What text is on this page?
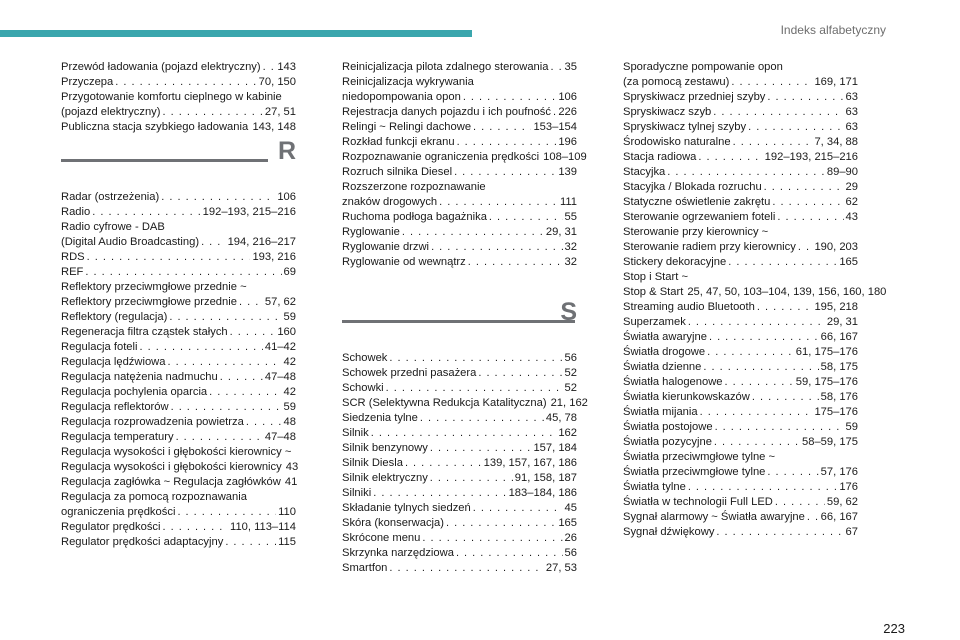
Indeks alfabetyczny
Przewód ładowania (pojazd elektryczny) . . . 143
Przyczepa . . .	70, 150
Przygotowanie komfortu cieplnego w kabinie
(pojazd elektryczny) . . .	27, 51
Publiczna stacja szybkiego ładowania . . . 143, 148
R
Radar (ostrzeżenia) . . .	106
Radio . . .	192–193, 215–216
Radio cyfrowe - DAB
(Digital Audio Broadcasting) . . .	194, 216–217
RDS . . .	193, 216
REF . . .	69
Reflektory przeciwmgłowe przednie ~
Reflektory przeciwmgłowe przednie . . . 57, 62
Reflektory (regulacja) . . .	59
Regeneracja filtra cząstek stałych . . .	160
Regulacja foteli . . .	41–42
Regulacja lędźwiowa . . .	42
Regulacja natężenia nadmuchu . . .	47–48
Regulacja pochylenia oparcia . . .	42
Regulacja reflektorów . . .	59
Regulacja rozprowadzenia powietrza . . .	48
Regulacja temperatury . . .	47–48
Regulacja wysokości i głębokości kierownicy ~
Regulacja wysokości i głębokości kierownicy 43
Regulacja zagłówka ~ Regulacja zagłówków 41
Regulacja za pomocą rozpoznawania
ograniczenia prędkości . . .	110
Regulator prędkości . . .	110, 113–114
Regulator prędkości adaptacyjny . . .	115
Reinicjalizacja pilota zdalnego sterowania . . . 35
Reinicjalizacja wykrywania
niedopompowania opon . . .	106
Rejestracja danych pojazdu i ich poufność . . . 226
Relingi ~ Relingi dachowe . . .	153–154
Rozkład funkcji ekranu . . .	196
Rozpoznawanie ograniczenia prędkości 108–109
Rozruch silnika Diesel . . .	139
Rozszerzone rozpoznawanie
znaków drogowych . . .	111
Ruchoma podłoga bagażnika . . .	55
Ryglowanie . . .	29, 31
Ryglowanie drzwi . . .	32
Ryglowanie od wewnątrz . . .	32
S
Schowek . . .	56
Schowek przedni pasażera . . .	52
Schowki . . .	52
SCR (Selektywna Redukcja Katalityczna) 21, 162
Siedzenia tylne . . .	45, 78
Silnik . . .	162
Silnik benzynowy . . .	157, 184
Silnik Diesla . . .	139, 157, 167, 186
Silnik elektryczny . . .	91, 158, 187
Silniki . . .	183–184, 186
Składanie tylnych siedzeń . . .	45
Skóra (konserwacja) . . .	165
Skrócone menu . . .	26
Skrzynka narzędziowa . . .	56
Smartfon . . .	27, 53
Sporadyczne pompowanie opon
(za pomocą zestawu) . . .	169, 171
Spryskiwacz przedniej szyby . . .	63
Spryskiwacz szyb . . .	63
Spryskiwacz tylnej szyby . . .	63
Środowisko naturalne . . .	7, 34, 88
Stacja radiowa . . .	192–193, 215–216
Stacyjka . . .	89–90
Stacyjka / Blokada rozruchu . . .	29
Statyczne oświetlenie zakrętu . . .	62
Sterowanie ogrzewaniem foteli . . .	43
Sterowanie przy kierownicy ~
Sterowanie radiem przy kierownicy . . . 190, 203
Stickery dekoracyjne . . .	165
Stop i Start ~
Stop & Start 25, 47, 50, 103–104, 139, 156, 160, 180
Streaming audio Bluetooth . . .	195, 218
Superzamek . . .	29, 31
Światła awaryjne . . .	66, 167
Światła drogowe . . .	61, 175–176
Światła dzienne . . .	58, 175
Światła halogenowe . . .	59, 175–176
Światła kierunkowskazów . . .	58, 176
Światła mijania . . .	175–176
Światła postojowe . . .	59
Światła pozycyjne . . .	58–59, 175
Światła przeciwmgłowe tylne ~
Światła przeciwmgłowe tylne . . .	57, 176
Światła tylne . . .	176
Światła w technologii Full LED . . .	59, 62
Sygnał alarmowy ~ Światła awaryjne . . . 66, 167
Sygnał dźwiękowy . . .	67
223
